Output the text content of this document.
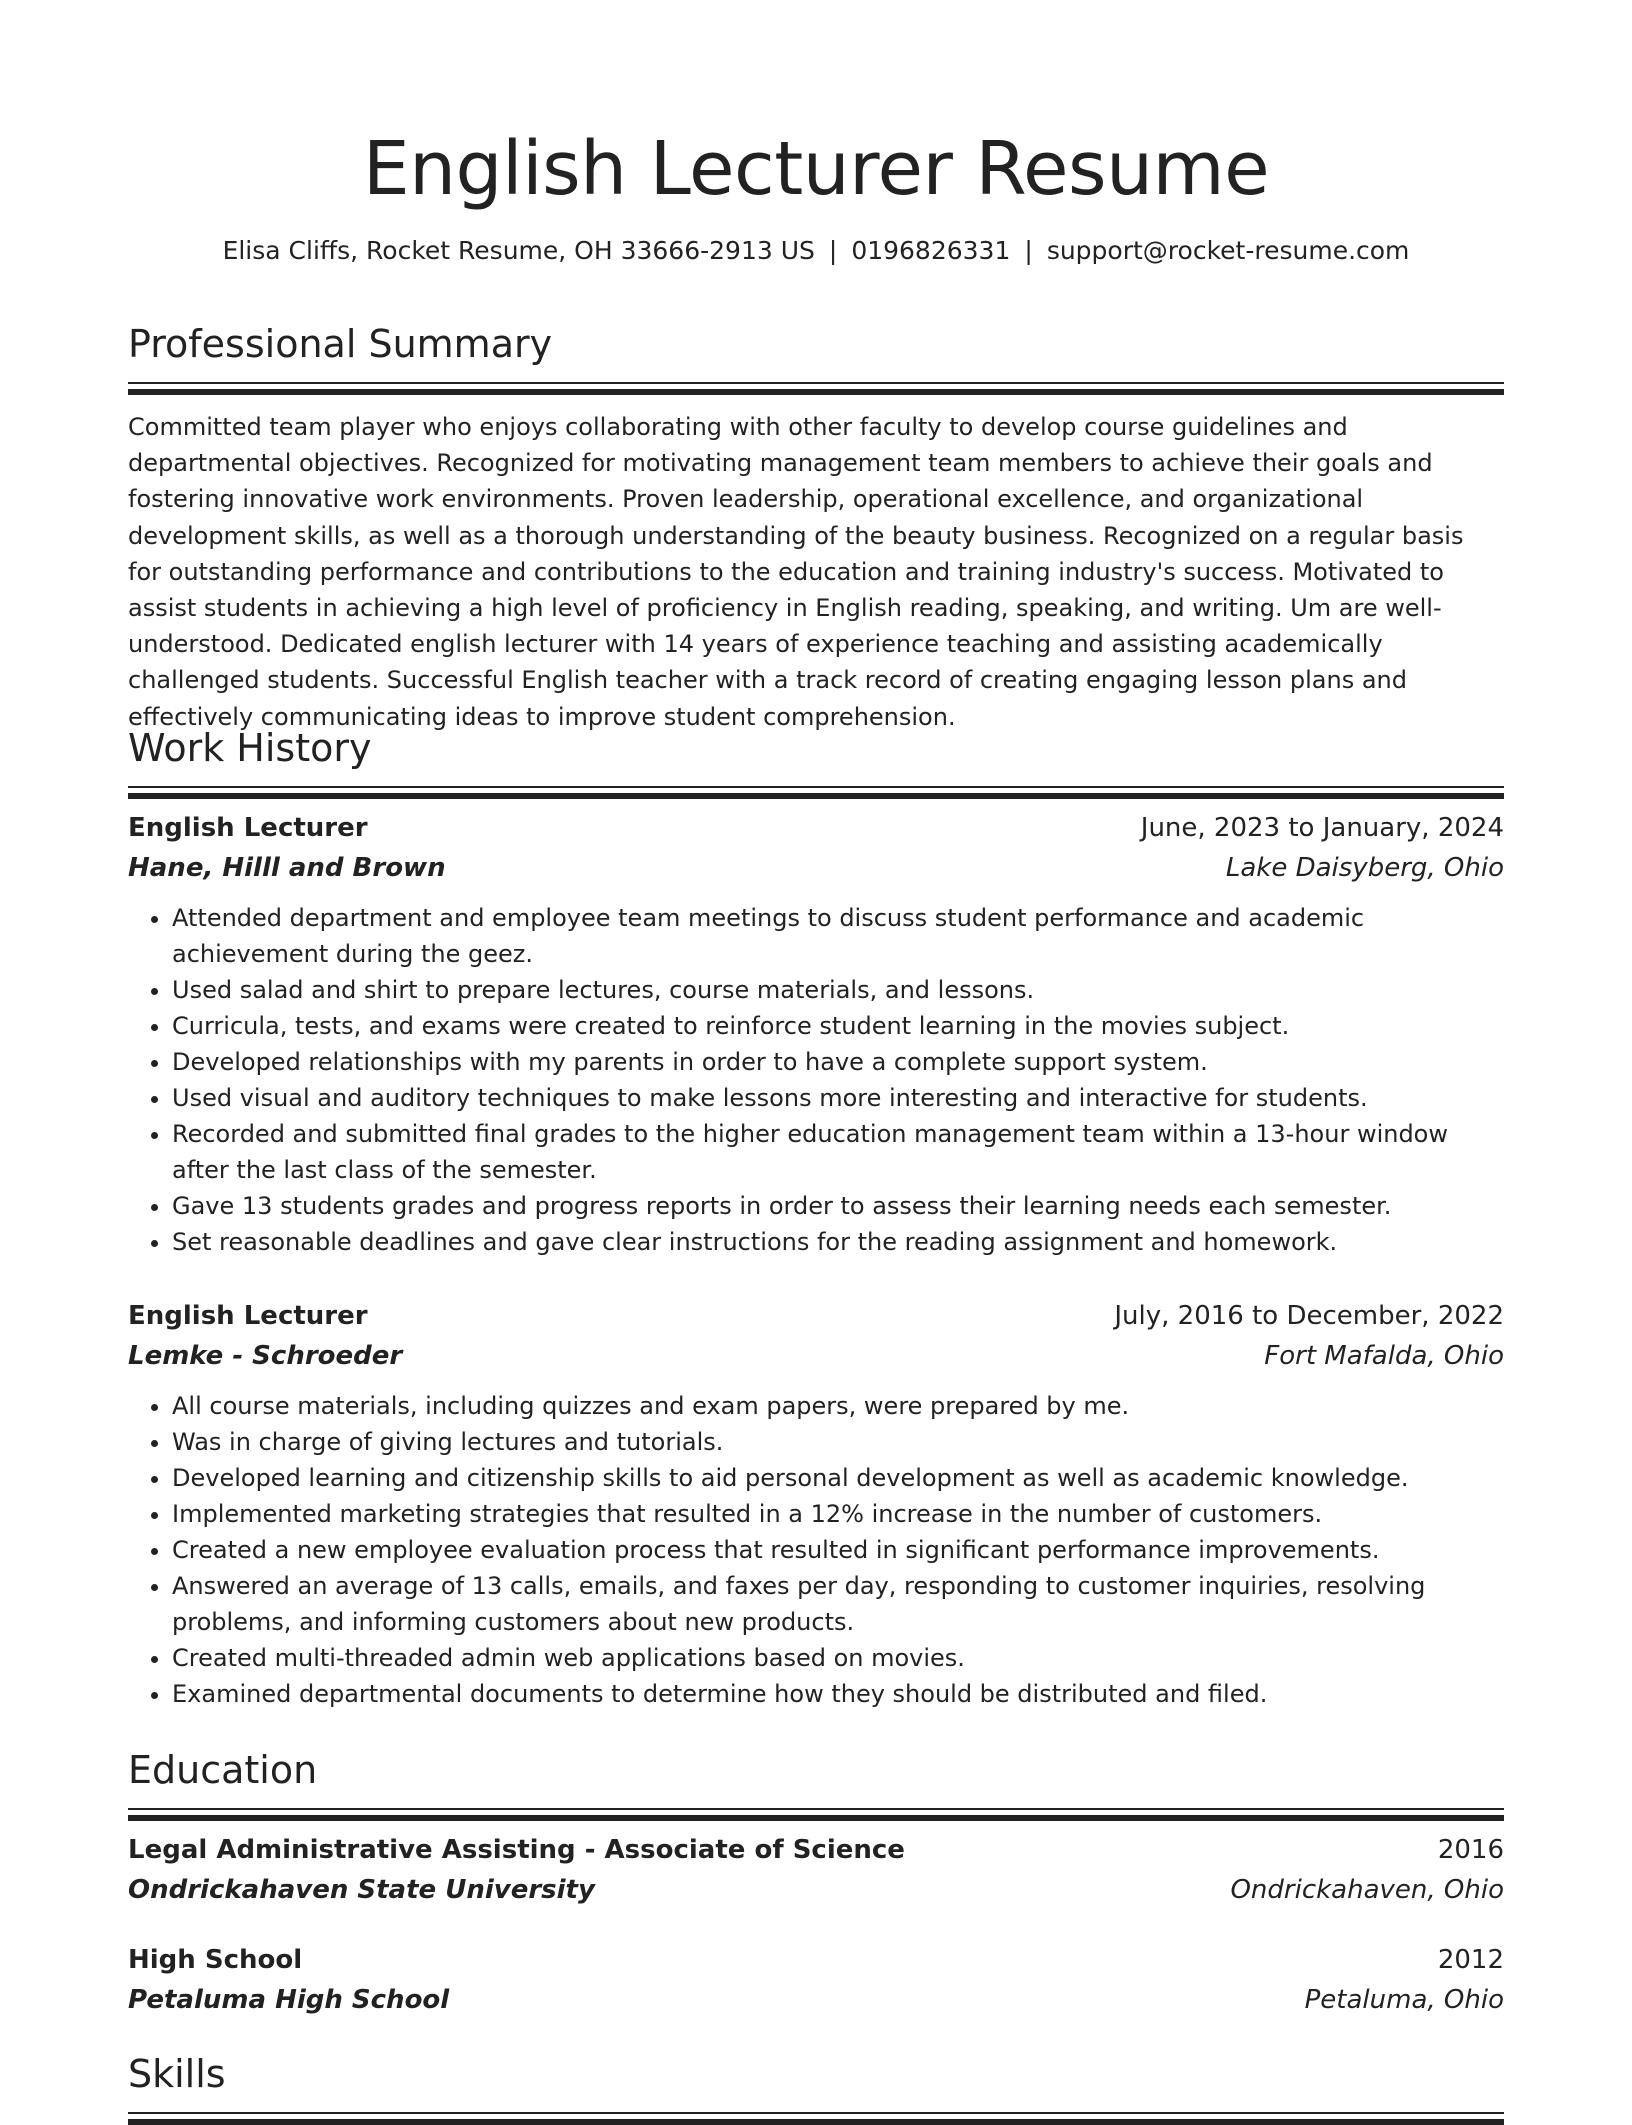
English Lecturer Resume
Elisa Cliffs, Rocket Resume, OH 33666-2913 US | 0196826331 | support@rocket-resume.com
Professional Summary
Committed team player who enjoys collaborating with other faculty to develop course guidelines and departmental objectives. Recognized for motivating management team members to achieve their goals and fostering innovative work environments. Proven leadership, operational excellence, and organizational development skills, as well as a thorough understanding of the beauty business. Recognized on a regular basis for outstanding performance and contributions to the education and training industry's success. Motivated to assist students in achieving a high level of proficiency in English reading, speaking, and writing. Um are well-understood. Dedicated english lecturer with 14 years of experience teaching and assisting academically challenged students. Successful English teacher with a track record of creating engaging lesson plans and effectively communicating ideas to improve student comprehension.
Work History
English Lecturer	June, 2023 to January, 2024
Hane, Hilll and Brown	Lake Daisyberg, Ohio
• Attended department and employee team meetings to discuss student performance and academic achievement during the geez.
• Used salad and shirt to prepare lectures, course materials, and lessons.
• Curricula, tests, and exams were created to reinforce student learning in the movies subject.
• Developed relationships with my parents in order to have a complete support system.
• Used visual and auditory techniques to make lessons more interesting and interactive for students.
• Recorded and submitted final grades to the higher education management team within a 13-hour window after the last class of the semester.
• Gave 13 students grades and progress reports in order to assess their learning needs each semester.
• Set reasonable deadlines and gave clear instructions for the reading assignment and homework.
English Lecturer	July, 2016 to December, 2022
Lemke - Schroeder	Fort Mafalda, Ohio
• All course materials, including quizzes and exam papers, were prepared by me.
• Was in charge of giving lectures and tutorials.
• Developed learning and citizenship skills to aid personal development as well as academic knowledge.
• Implemented marketing strategies that resulted in a 12% increase in the number of customers.
• Created a new employee evaluation process that resulted in significant performance improvements.
• Answered an average of 13 calls, emails, and faxes per day, responding to customer inquiries, resolving problems, and informing customers about new products.
• Created multi-threaded admin web applications based on movies.
• Examined departmental documents to determine how they should be distributed and filed.
Education
Legal Administrative Assisting - Associate of Science	2016
Ondrickahaven State University	Ondrickahaven, Ohio
High School	2012
Petaluma High School	Petaluma, Ohio
Skills
